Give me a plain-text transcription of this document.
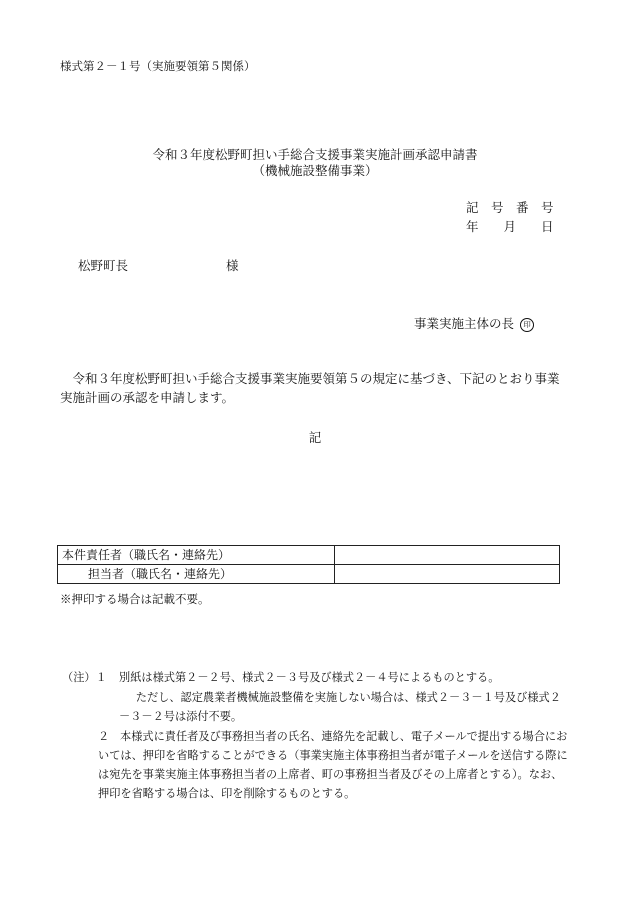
様式第２－１号（実施要領第５関係）
令和３年度松野町担い手総合支援事業実施計画承認申請書
（機械施設整備事業）
記　号　番　号
年　　月　　日
松野町長	様
事業実施主体の長 印
令和３年度松野町担い手総合支援事業実施要領第５の規定に基づき、下記のとおり事業実施計画の承認を申請します。
記
本件責任者（職氏名・連絡先）	
担当者（職氏名・連絡先）	
※押印する場合は記載不要。
（注）１ 別紙は様式第２－２号、様式２－３号及び様式２－４号によるものとする。
ただし、認定農業者機械施設整備を実施しない場合は、様式２－３－１号及び様式２－３－２号は添付不要。
２ 本様式に責任者及び事務担当者の氏名、連絡先を記載し、電子メールで提出する場合においては、押印を省略することができる（事業実施主体事務担当者が電子メールを送信する際には宛先を事業実施主体事務担当者の上席者、町の事務担当者及びその上席者とする）。なお、押印を省略する場合は、印を削除するものとする。
